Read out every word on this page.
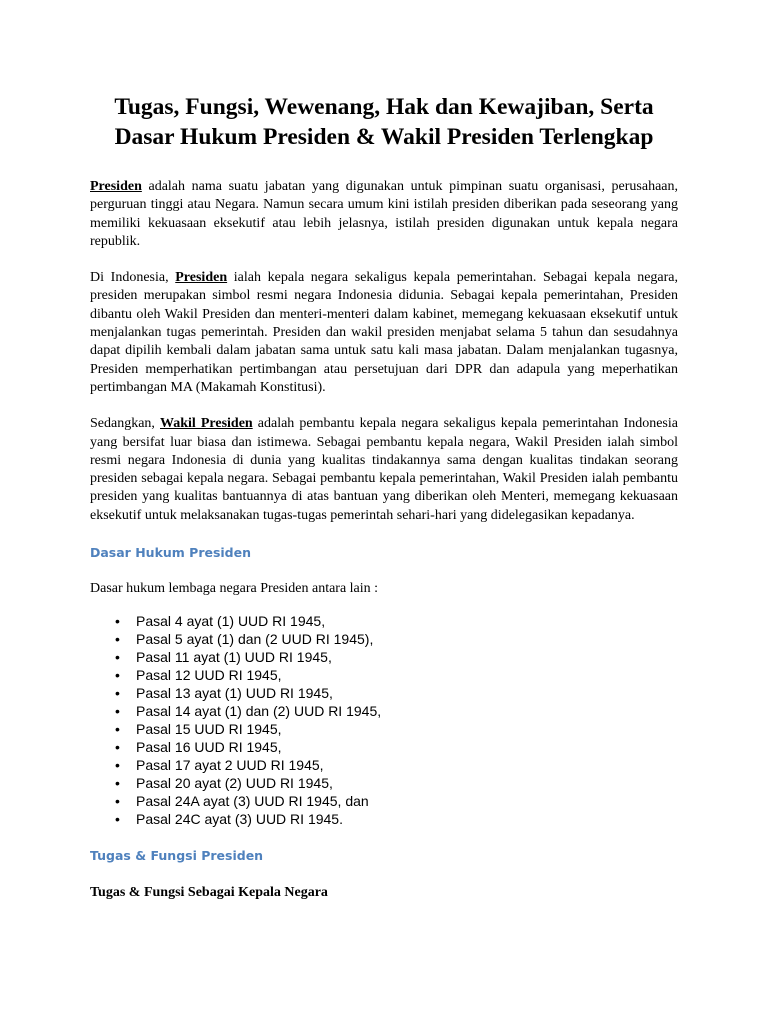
Tugas, Fungsi, Wewenang, Hak dan Kewajiban, Serta Dasar Hukum Presiden & Wakil Presiden Terlengkap

Presiden adalah nama suatu jabatan yang digunakan untuk pimpinan suatu organisasi, perusahaan, perguruan tinggi atau Negara. Namun secara umum kini istilah presiden diberikan pada seseorang yang memiliki kekuasaan eksekutif atau lebih jelasnya, istilah presiden digunakan untuk kepala negara republik.

Di Indonesia, Presiden ialah kepala negara sekaligus kepala pemerintahan. Sebagai kepala negara, presiden merupakan simbol resmi negara Indonesia didunia. Sebagai kepala pemerintahan, Presiden dibantu oleh Wakil Presiden dan menteri-menteri dalam kabinet, memegang kekuasaan eksekutif untuk menjalankan tugas pemerintah. Presiden dan wakil presiden menjabat selama 5 tahun dan sesudahnya dapat dipilih kembali dalam jabatan sama untuk satu kali masa jabatan. Dalam menjalankan tugasnya, Presiden memperhatikan pertimbangan atau persetujuan dari DPR dan adapula yang meperhatikan pertimbangan MA (Makamah Konstitusi).

Sedangkan, Wakil Presiden adalah pembantu kepala negara sekaligus kepala pemerintahan Indonesia yang bersifat luar biasa dan istimewa. Sebagai pembantu kepala negara, Wakil Presiden ialah simbol resmi negara Indonesia di dunia yang kualitas tindakannya sama dengan kualitas tindakan seorang presiden sebagai kepala negara. Sebagai pembantu kepala pemerintahan, Wakil Presiden ialah pembantu presiden yang kualitas bantuannya di atas bantuan yang diberikan oleh Menteri, memegang kekuasaan eksekutif untuk melaksanakan tugas-tugas pemerintah sehari-hari yang didelegasikan kepadanya.

Dasar Hukum Presiden

Dasar hukum lembaga negara Presiden antara lain :

• Pasal 4 ayat (1) UUD RI 1945,
• Pasal 5 ayat (1) dan (2 UUD RI 1945),
• Pasal 11 ayat (1) UUD RI 1945,
• Pasal 12 UUD RI 1945,
• Pasal 13 ayat (1) UUD RI 1945,
• Pasal 14 ayat (1) dan (2) UUD RI 1945,
• Pasal 15 UUD RI 1945,
• Pasal 16 UUD RI 1945,
• Pasal 17 ayat 2 UUD RI 1945,
• Pasal 20 ayat (2) UUD RI 1945,
• Pasal 24A ayat (3) UUD RI 1945, dan
• Pasal 24C ayat (3) UUD RI 1945.
Tugas & Fungsi Presiden
Tugas & Fungsi Sebagai Kepala Negara
